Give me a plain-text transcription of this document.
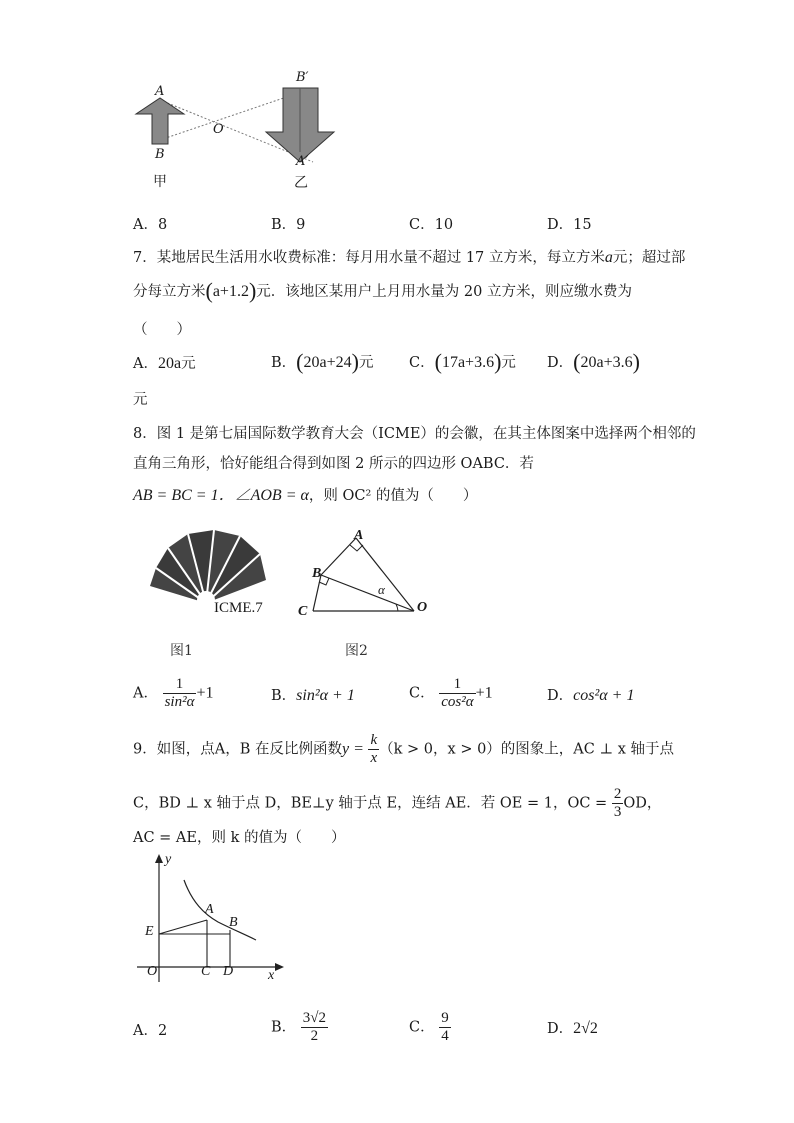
A
B
O
B′
A′
甲	乙
A．8	B．9	C．10	D．15
7．某地居民生活用水收费标准：每月用水量不超过 17 立方米，每立方米a元；超过部
分每立方米(a+1.2)元．该地区某用户上月用水量为 20 立方米，则应缴水费为
（　　）
A．20a元	B．(20a+24)元 C．(17a+3.6)元 D．(20a+3.6)
元
8．图 1 是第七届国际数学教育大会（ICME）的会徽，在其主体图案中选择两个相邻的
直角三角形，恰好能组合得到如图 2 所示的四边形 OABC．若
AB = BC = 1．∠AOB = α，则 OC² 的值为（　　）
ICME.7
A
B
C	O
α
图1	图2
A． $\frac{1}{\text{sin²α}} +1$	B．sin²α + 1	C． $\frac{1}{\text{cos²α}} +1$	D．cos²α + 1
9．如图，点A，B 在反比例函数$y = \frac{k}{x} (k > 0$，x > 0）的图象上，AC ⊥ x 轴于点
C，BD ⊥ x 轴于点 D，BE⊥y 轴于点 E，连结 AE．若 OE = 1，OC = $\frac{2}{3}$ OD，
AC = AE，则 k 的值为（　　）
y
x
O
E
A
B
C D
A．2	B． $\frac{3√2}{2}$	C． $\frac{9}{4}$	D．2√2
